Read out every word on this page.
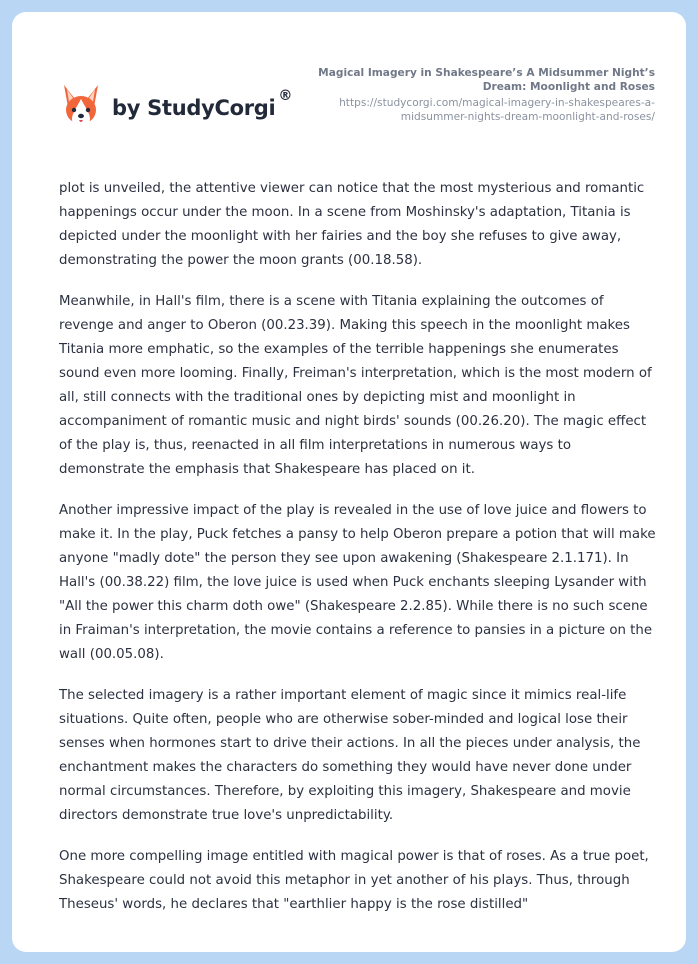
by StudyCorgi ®
Magical Imagery in Shakespeare’s A Midsummer Night’s Dream: Moonlight and Roses
https://studycorgi.com/magical-imagery-in-shakespeares-a-midsummer-nights-dream-moonlight-and-roses/

plot is unveiled, the attentive viewer can notice that the most mysterious and romantic happenings occur under the moon. In a scene from Moshinsky's adaptation, Titania is depicted under the moonlight with her fairies and the boy she refuses to give away, demonstrating the power the moon grants (00.18.58).

Meanwhile, in Hall's film, there is a scene with Titania explaining the outcomes of revenge and anger to Oberon (00.23.39). Making this speech in the moonlight makes Titania more emphatic, so the examples of the terrible happenings she enumerates sound even more looming. Finally, Freiman's interpretation, which is the most modern of all, still connects with the traditional ones by depicting mist and moonlight in accompaniment of romantic music and night birds' sounds (00.26.20). The magic effect of the play is, thus, reenacted in all film interpretations in numerous ways to demonstrate the emphasis that Shakespeare has placed on it.

Another impressive impact of the play is revealed in the use of love juice and flowers to make it. In the play, Puck fetches a pansy to help Oberon prepare a potion that will make anyone "madly dote" the person they see upon awakening (Shakespeare 2.1.171). In Hall's (00.38.22) film, the love juice is used when Puck enchants sleeping Lysander with "All the power this charm doth owe" (Shakespeare 2.2.85). While there is no such scene in Fraiman's interpretation, the movie contains a reference to pansies in a picture on the wall (00.05.08).

The selected imagery is a rather important element of magic since it mimics real-life situations. Quite often, people who are otherwise sober-minded and logical lose their senses when hormones start to drive their actions. In all the pieces under analysis, the enchantment makes the characters do something they would have never done under normal circumstances. Therefore, by exploiting this imagery, Shakespeare and movie directors demonstrate true love's unpredictability.

One more compelling image entitled with magical power is that of roses. As a true poet, Shakespeare could not avoid this metaphor in yet another of his plays. Thus, through Theseus' words, he declares that "earthlier happy is the rose distilled"
